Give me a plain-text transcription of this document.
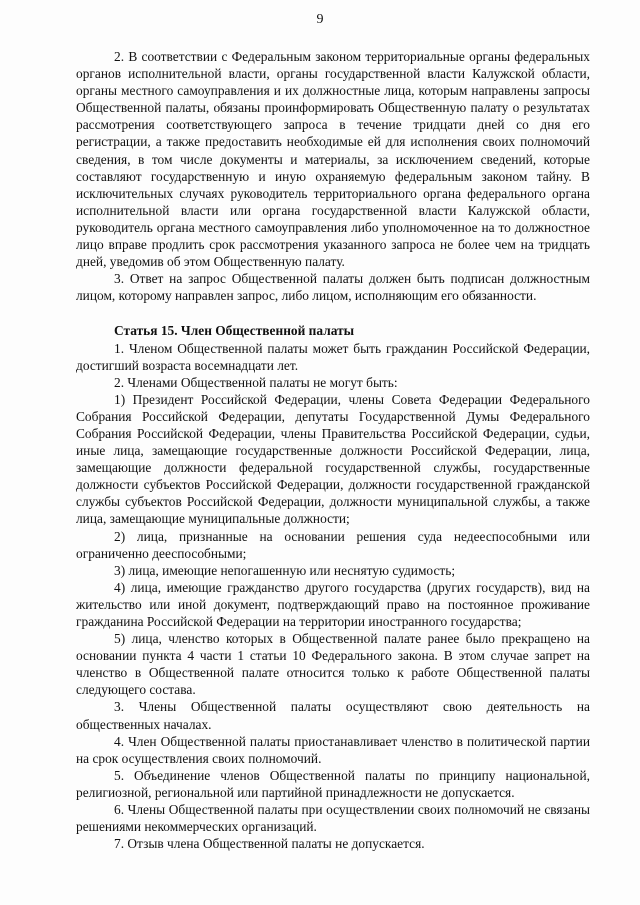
9

2. В соответствии с Федеральным законом территориальные органы федеральных органов исполнительной власти, органы государственной власти Калужской области, органы местного самоуправления и их должностные лица, которым направлены запросы Общественной палаты, обязаны проинформировать Общественную палату о результатах рассмотрения соответствующего запроса в течение тридцати дней со дня его регистрации, а также предоставить необходимые ей для исполнения своих полномочий сведения, в том числе документы и материалы, за исключением сведений, которые составляют государственную и иную охраняемую федеральным законом тайну. В исключительных случаях руководитель территориального органа федерального органа исполнительной власти или органа государственной власти Калужской области, руководитель органа местного самоуправления либо уполномоченное на то должностное лицо вправе продлить срок рассмотрения указанного запроса не более чем на тридцать дней, уведомив об этом Общественную палату.

3. Ответ на запрос Общественной палаты должен быть подписан должностным лицом, которому направлен запрос, либо лицом, исполняющим его обязанности.

Статья 15. Член Общественной палаты

1. Членом Общественной палаты может быть гражданин Российской Федерации, достигший возраста восемнадцати лет.

2. Членами Общественной палаты не могут быть:

1) Президент Российской Федерации, члены Совета Федерации Федерального Собрания Российской Федерации, депутаты Государственной Думы Федерального Собрания Российской Федерации, члены Правительства Российской Федерации, судьи, иные лица, замещающие государственные должности Российской Федерации, лица, замещающие должности федеральной государственной службы, государственные должности субъектов Российской Федерации, должности государственной гражданской службы субъектов Российской Федерации, должности муниципальной службы, а также лица, замещающие муниципальные должности;

2) лица, признанные на основании решения суда недееспособными или ограниченно дееспособными;

3) лица, имеющие непогашенную или неснятую судимость;

4) лица, имеющие гражданство другого государства (других государств), вид на жительство или иной документ, подтверждающий право на постоянное проживание гражданина Российской Федерации на территории иностранного государства;

5) лица, членство которых в Общественной палате ранее было прекращено на основании пункта 4 части 1 статьи 10 Федерального закона. В этом случае запрет на членство в Общественной палате относится только к работе Общественной палаты следующего состава.

3. Члены Общественной палаты осуществляют свою деятельность на общественных началах.

4. Член Общественной палаты приостанавливает членство в политической партии на срок осуществления своих полномочий.

5. Объединение членов Общественной палаты по принципу национальной, религиозной, региональной или партийной принадлежности не допускается.

6. Члены Общественной палаты при осуществлении своих полномочий не связаны решениями некоммерческих организаций.

7. Отзыв члена Общественной палаты не допускается.
